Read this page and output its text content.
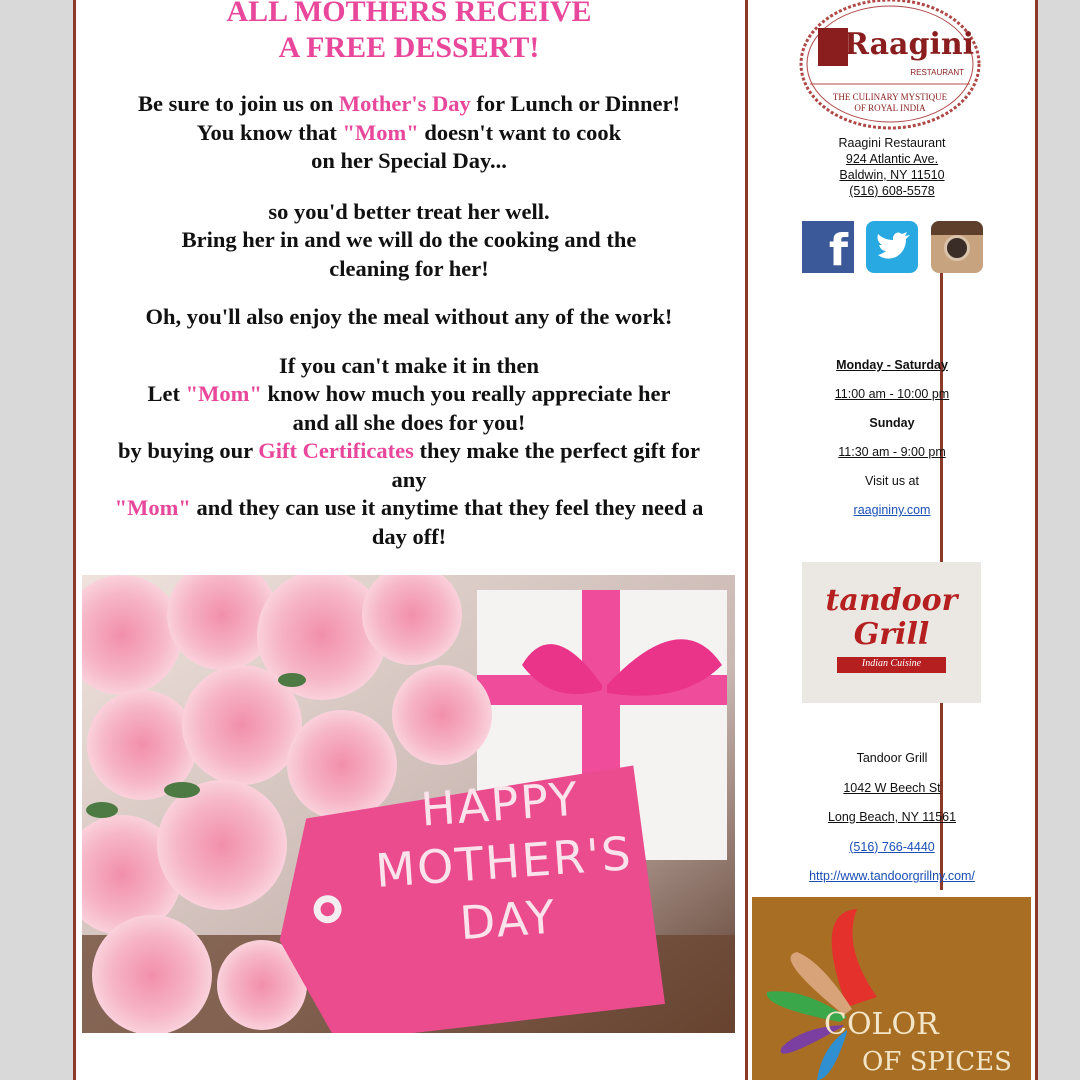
ALL MOTHERS RECEIVE
A FREE DESSERT!
Be sure to join us on Mother's Day for Lunch or Dinner!
You know that "Mom" doesn't want to cook
on her Special Day...
so you'd better treat her well.
Bring her in and we will do the cooking and the
cleaning for her!
Oh, you'll also enjoy the meal without any of the work!
If you can't make it in then
Let "Mom" know how much you really appreciate her
and all she does for you!
by buying our Gift Certificates they make the perfect gift for
any
"Mom" and they can use it anytime that they feel they need a
day off!
HAPPY
MOTHER'S
DAY
Raagini
RESTAURANT
THE CULINARY MYSTIQUE
OF ROYAL INDIA
Raagini Restaurant
924 Atlantic Ave.
Baldwin, NY 11510
(516) 608-5578
f
Monday - Saturday
11:00 am - 10:00 pm
Sunday
11:30 am - 9:00 pm
Visit us at
raagininy.com
tandoor Grill
Indian Cuisine
Tandoor Grill
1042 W Beech St
Long Beach, NY 11561
(516) 766-4440
http://www.tandoorgrillny.com/
COLOR
OF SPICES
